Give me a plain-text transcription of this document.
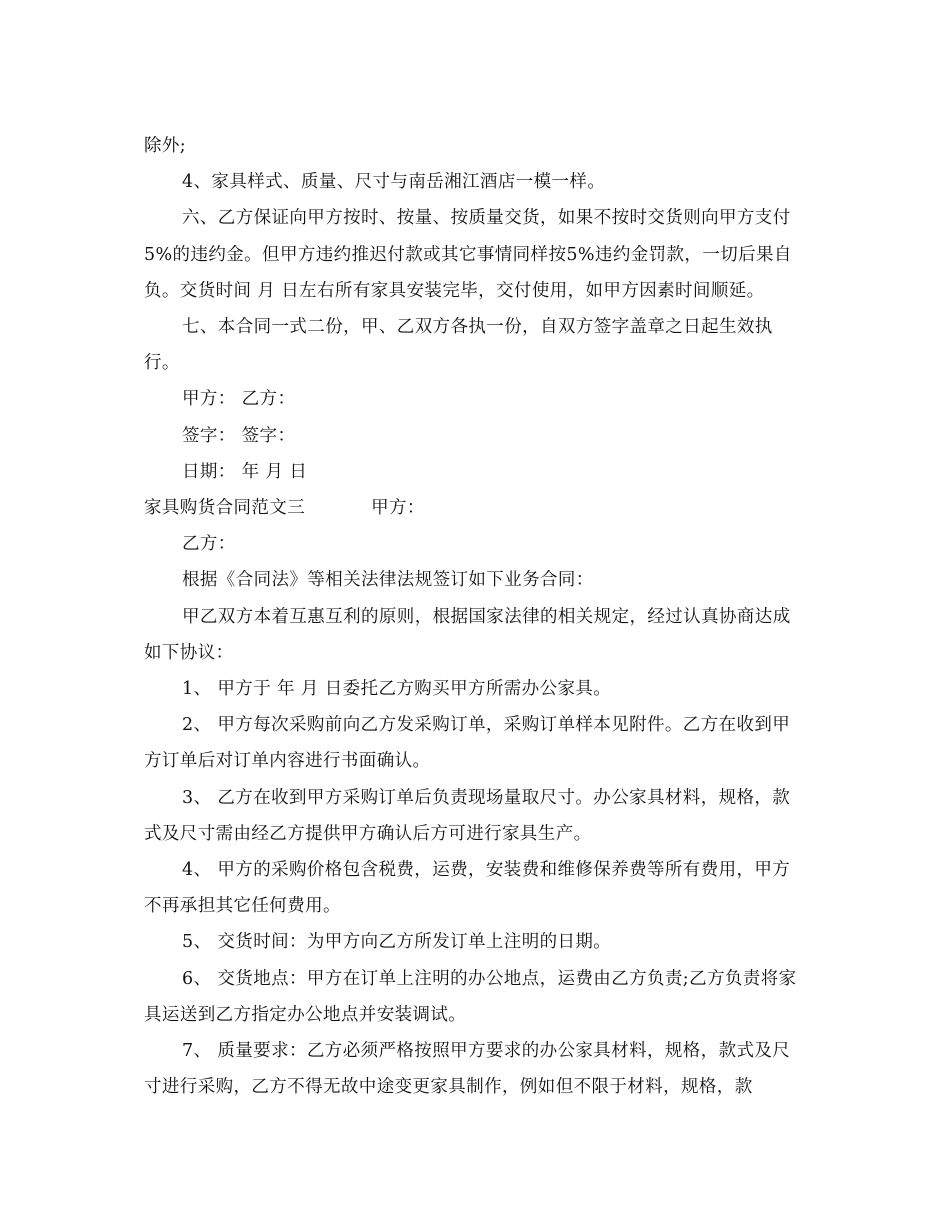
除外;

4、家具样式、质量、尺寸与南岳湘江酒店一模一样。

六、乙方保证向甲方按时、按量、按质量交货，如果不按时交货则向甲方支付5%的违约金。但甲方违约推迟付款或其它事情同样按5%违约金罚款，一切后果自负。交货时间 月 日左右所有家具安装完毕，交付使用，如甲方因素时间顺延。

七、本合同一式二份，甲、乙双方各执一份，自双方签字盖章之日起生效执行。

甲方： 乙方：

签字： 签字：

日期： 年 月 日

家具购货合同范文三	甲方：

乙方：

根据《合同法》等相关法律法规签订如下业务合同：

甲乙双方本着互惠互利的原则，根据国家法律的相关规定，经过认真协商达成如下协议：

1、 甲方于 年 月 日委托乙方购买甲方所需办公家具。

2、 甲方每次采购前向乙方发采购订单，采购订单样本见附件。乙方在收到甲方订单后对订单内容进行书面确认。

3、 乙方在收到甲方采购订单后负责现场量取尺寸。办公家具材料，规格，款式及尺寸需由经乙方提供甲方确认后方可进行家具生产。

4、 甲方的采购价格包含税费，运费，安装费和维修保养费等所有费用，甲方不再承担其它任何费用。

5、 交货时间：为甲方向乙方所发订单上注明的日期。

6、 交货地点：甲方在订单上注明的办公地点，运费由乙方负责;乙方负责将家具运送到乙方指定办公地点并安装调试。

7、 质量要求：乙方必须严格按照甲方要求的办公家具材料，规格，款式及尺寸进行采购，乙方不得无故中途变更家具制作，例如但不限于材料，规格，款
